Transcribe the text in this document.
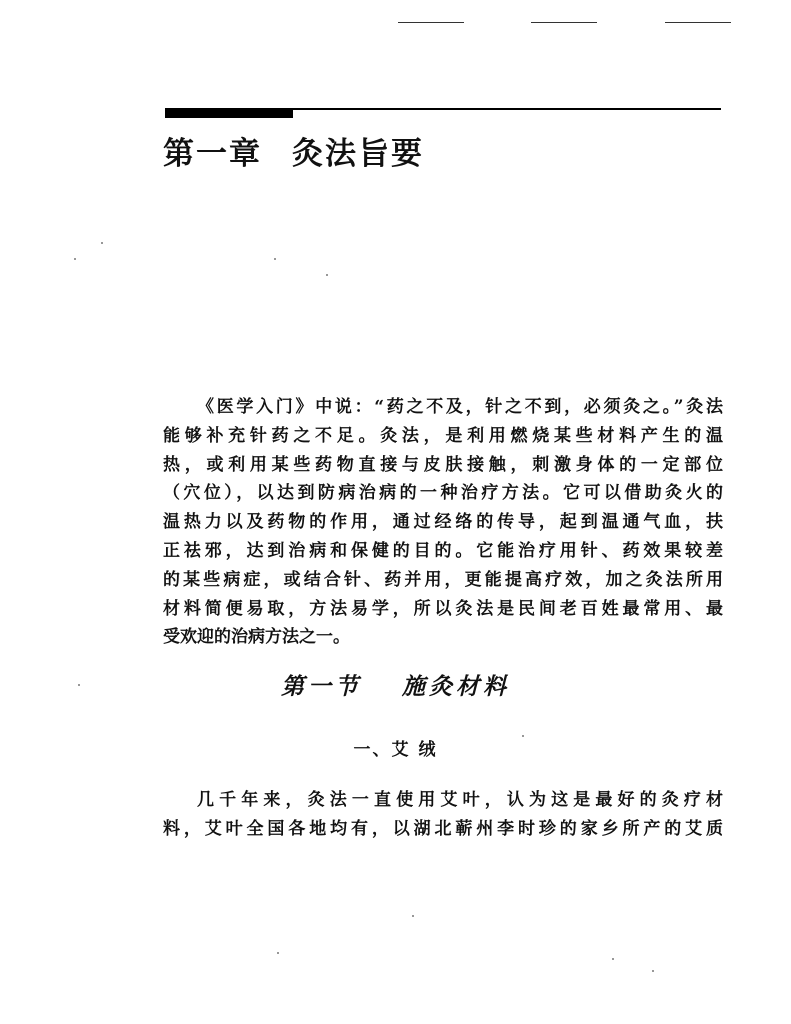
第一章 灸法旨要
《医学入门》中说：“药之不及，针之不到，必须灸之。”灸法
能够补充针药之不足。灸法，是利用燃烧某些材料产生的温
热，或利用某些药物直接与皮肤接触，刺激身体的一定部位
（穴位），以达到防病治病的一种治疗方法。它可以借助灸火的
温热力以及药物的作用，通过经络的传导，起到温通气血，扶
正祛邪，达到治病和保健的目的。它能治疗用针、药效果较差
的某些病症，或结合针、药并用，更能提高疗效，加之灸法所用
材料简便易取，方法易学，所以灸法是民间老百姓最常用、最
受欢迎的治病方法之一。
第一节 施灸材料
一、艾 绒
几千年来，灸法一直使用艾叶，认为这是最好的灸疗材
料，艾叶全国各地均有，以湖北蕲州李时珍的家乡所产的艾质
